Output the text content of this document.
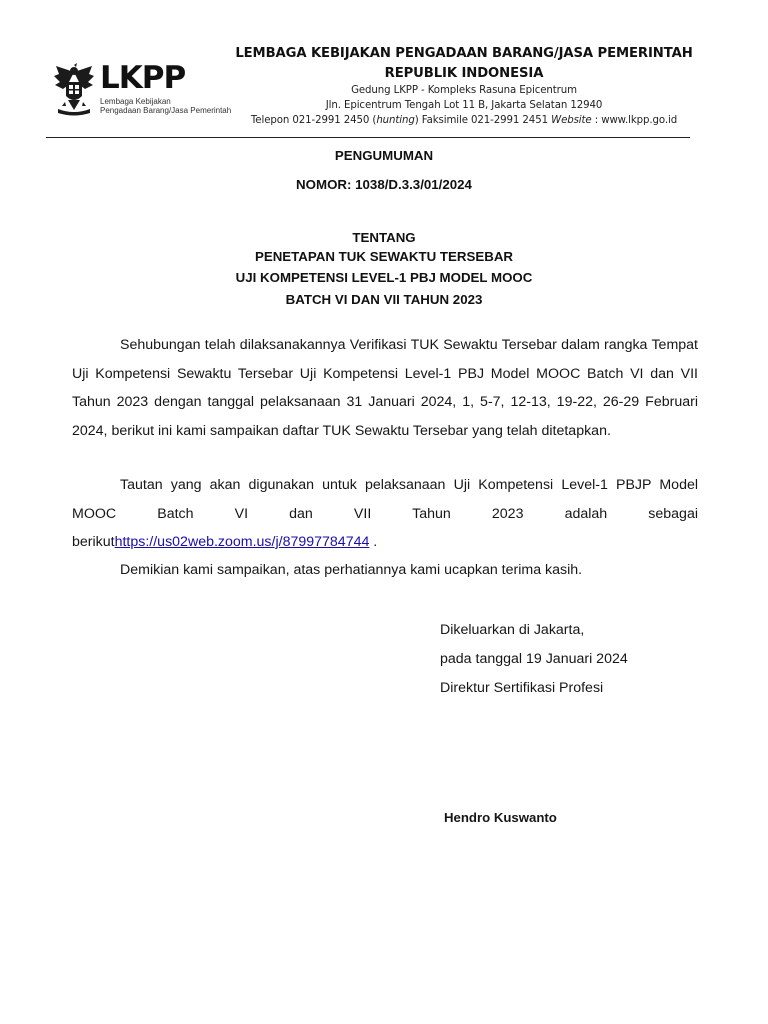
LKPP
Lembaga Kebijakan
Pengadaan Barang/Jasa Pemerintah
LEMBAGA KEBIJAKAN PENGADAAN BARANG/JASA PEMERINTAH
REPUBLIK INDONESIA
Gedung LKPP - Kompleks Rasuna Epicentrum
Jln. Epicentrum Tengah Lot 11 B, Jakarta Selatan 12940
Telepon 021-2991 2450 (hunting) Faksimile 021-2991 2451 Website : www.lkpp.go.id
PENGUMUMAN
NOMOR: 1038/D.3.3/01/2024
TENTANG
PENETAPAN TUK SEWAKTU TERSEBAR
UJI KOMPETENSI LEVEL-1 PBJ MODEL MOOC
BATCH VI DAN VII TAHUN 2023
Sehubungan telah dilaksanakannya Verifikasi TUK Sewaktu Tersebar dalam rangka Tempat Uji Kompetensi Sewaktu Tersebar Uji Kompetensi Level-1 PBJ Model MOOC Batch VI dan VII Tahun 2023 dengan tanggal pelaksanaan 31 Januari 2024, 1, 5-7, 12-13, 19-22, 26-29 Februari 2024, berikut ini kami sampaikan daftar TUK Sewaktu Tersebar yang telah ditetapkan.
Tautan yang akan digunakan untuk pelaksanaan Uji Kompetensi Level-1 PBJP Model MOOC Batch VI dan VII Tahun 2023 adalah sebagai berikuthttps://us02web.zoom.us/j/87997784744 .
Demikian kami sampaikan, atas perhatiannya kami ucapkan terima kasih.
Dikeluarkan di Jakarta,
pada tanggal 19 Januari 2024
Direktur Sertifikasi Profesi
Hendro Kuswanto
